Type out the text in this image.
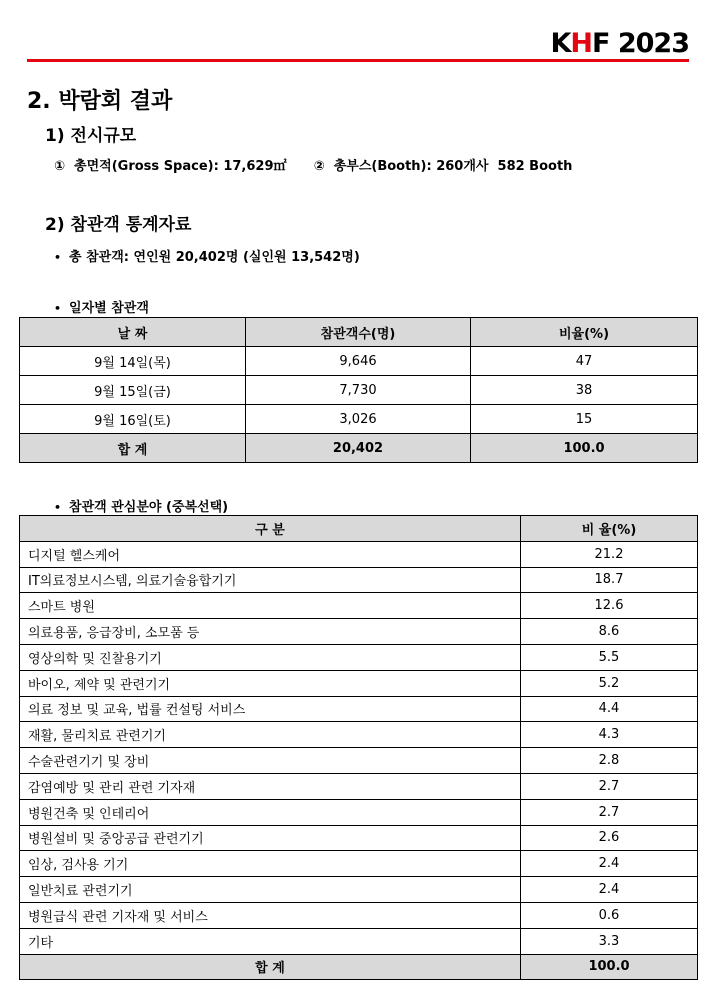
KHF 2023
2. 박람회 결과
1) 전시규모
①  총면적(Gross Space): 17,629㎡      ②  총부스(Booth): 260개사  582 Booth
2) 참관객 통계자료
• 총 참관객: 연인원 20,402명 (실인원 13,542명)
• 일자별 참관객
날 짜	참관객수(명)	비율(%)
9월 14일(목)	9,646	47
9월 15일(금)	7,730	38
9월 16일(토)	3,026	15
합 계	20,402	100.0
• 참관객 관심분야 (중복선택)
구 분	비 율(%)
디지털 헬스케어	21.2
IT의료정보시스템, 의료기술융합기기	18.7
스마트 병원	12.6
의료용품, 응급장비, 소모품 등	8.6
영상의학 및 진찰용기기	5.5
바이오, 제약 및 관련기기	5.2
의료 정보 및 교육, 법률 컨설팅 서비스	4.4
재활, 물리치료 관련기기	4.3
수술관련기기 및 장비	2.8
감염예방 및 관리 관련 기자재	2.7
병원건축 및 인테리어	2.7
병원설비 및 중앙공급 관련기기	2.6
임상, 검사용 기기	2.4
일반치료 관련기기	2.4
병원급식 관련 기자재 및 서비스	0.6
기타	3.3
합 계	100.0
